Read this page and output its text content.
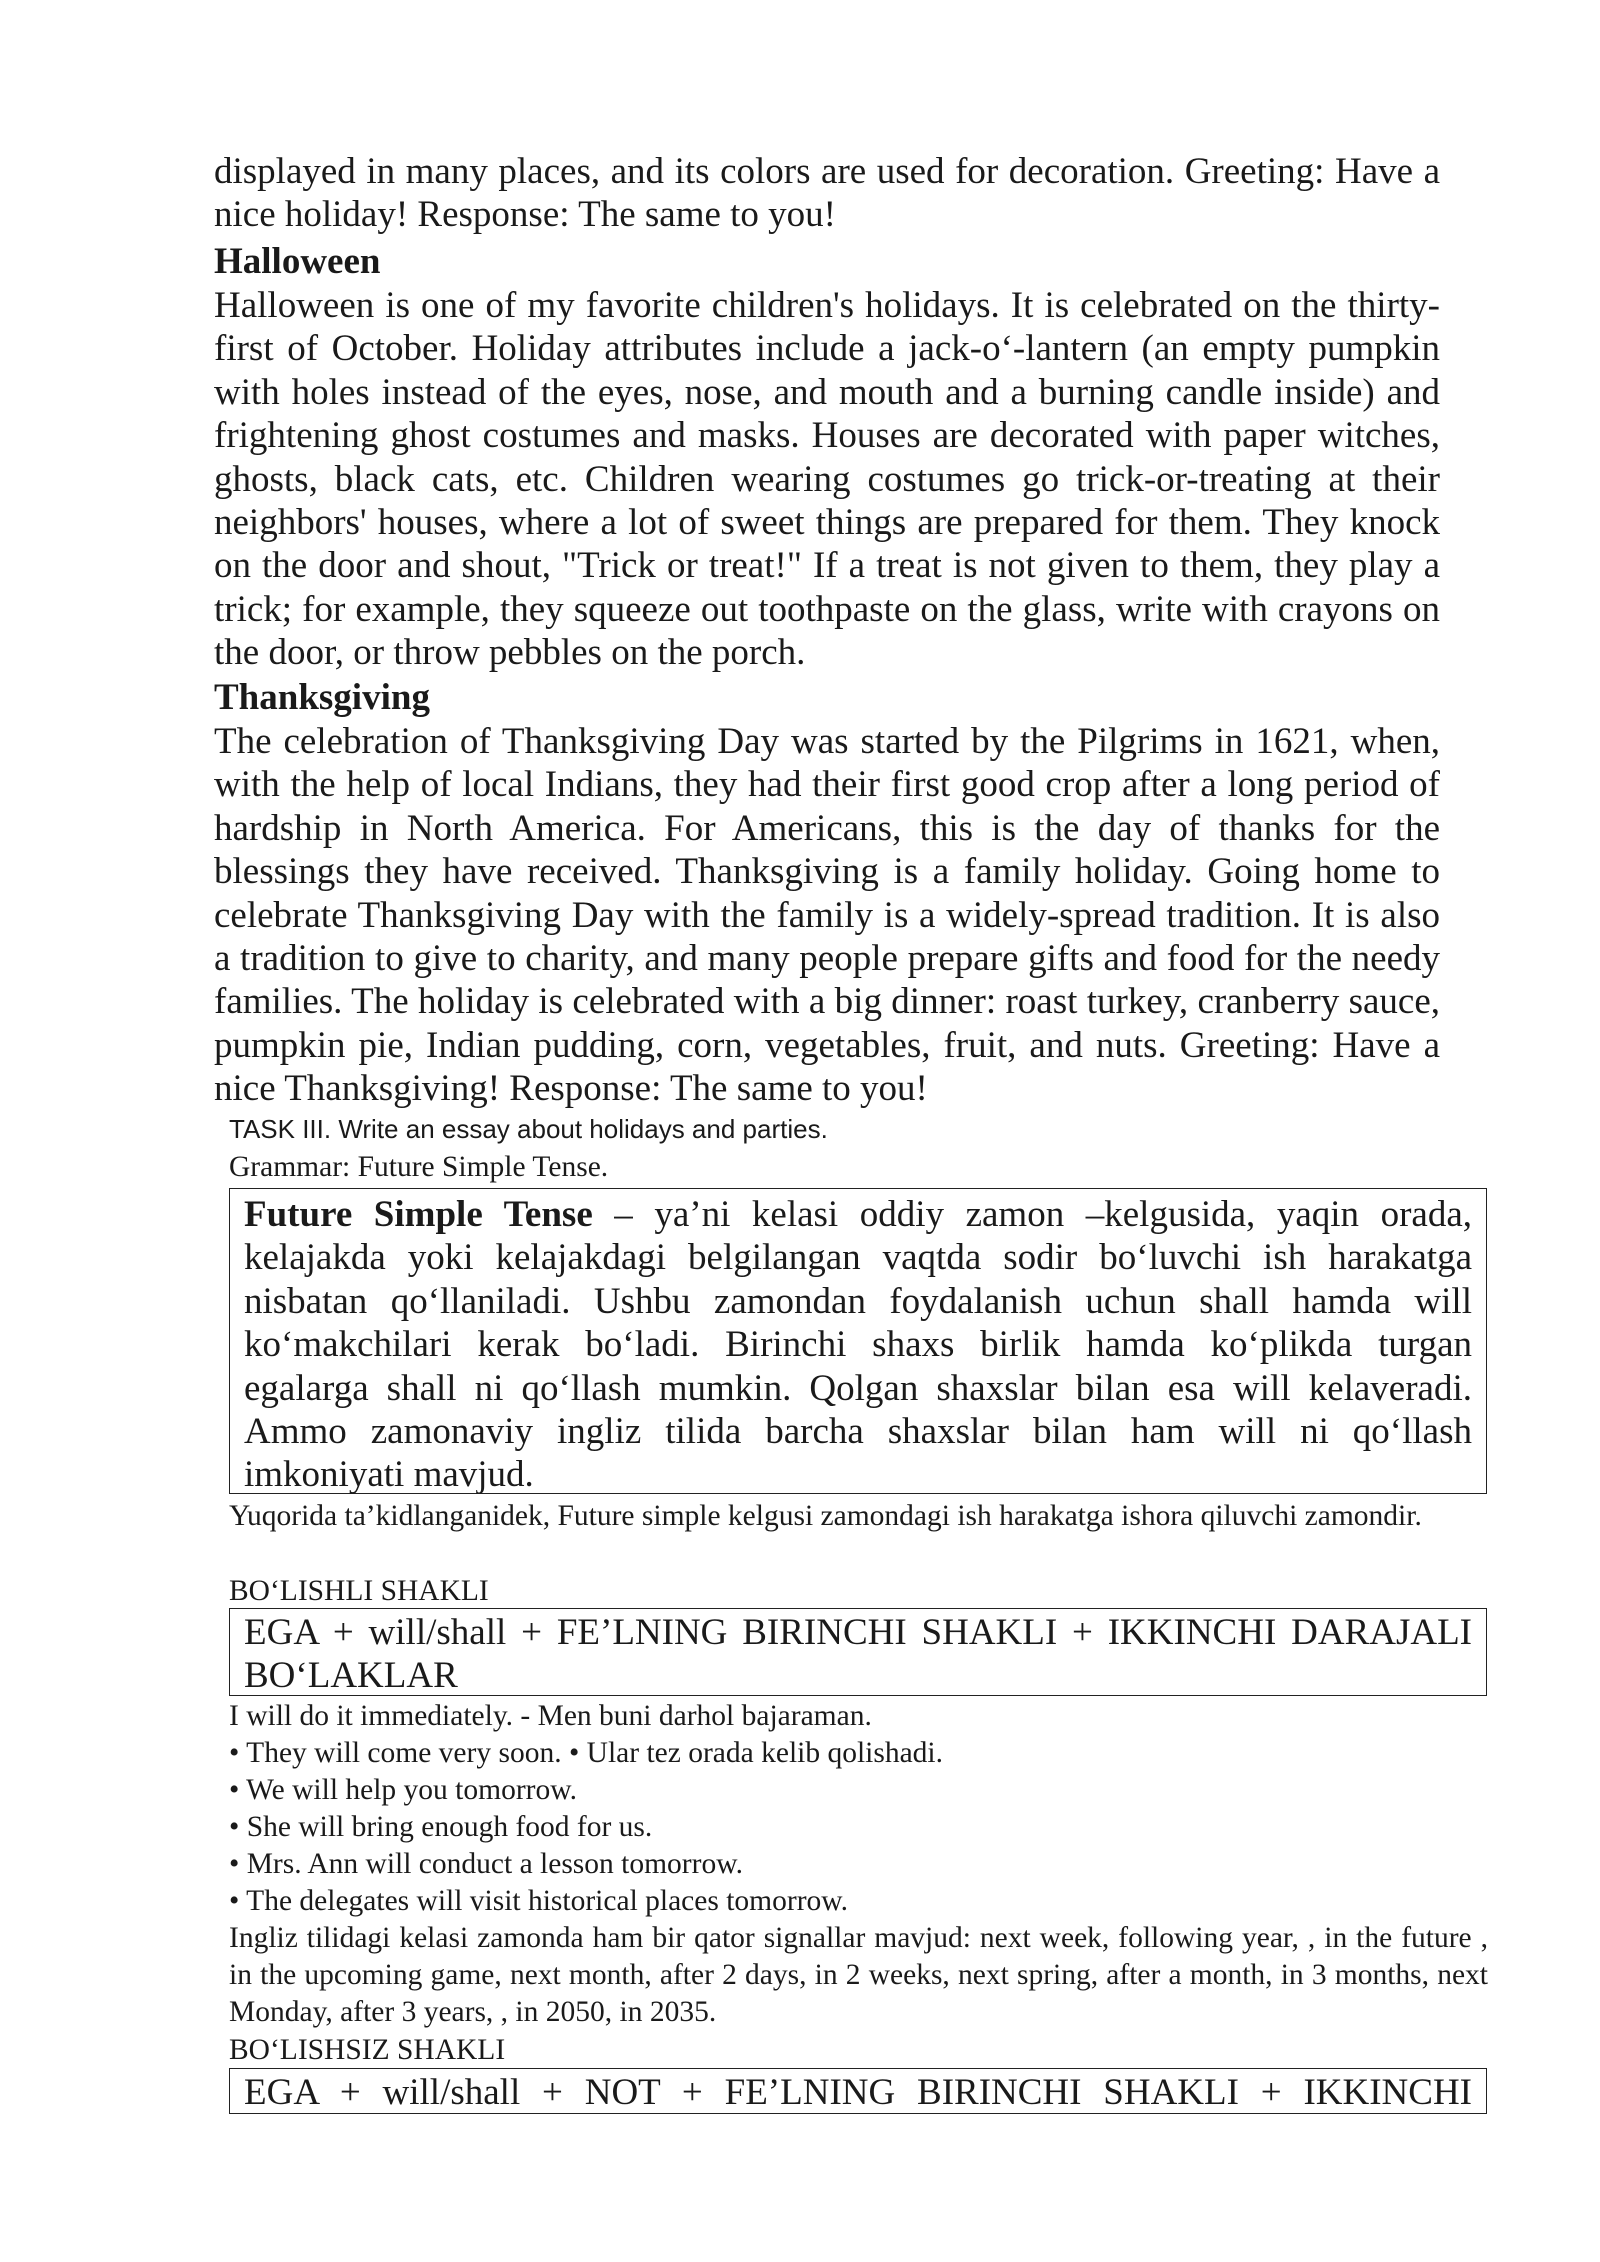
displayed in many places, and its colors are used for decoration. Greeting: Have a nice holiday! Response: The same to you!

Halloween

Halloween is one of my favorite children's holidays. It is celebrated on the thirty-first of October. Holiday attributes include a jack-o‘-lantern (an empty pumpkin with holes instead of the eyes, nose, and mouth and a burning candle inside) and frightening ghost costumes and masks. Houses are decorated with paper witches, ghosts, black cats, etc. Children wearing costumes go trick-or-treating at their neighbors' houses, where a lot of sweet things are prepared for them. They knock on the door and shout, "Trick or treat!" If a treat is not given to them, they play a trick; for example, they squeeze out toothpaste on the glass, write with crayons on the door, or throw pebbles on the porch.

Thanksgiving

The celebration of Thanksgiving Day was started by the Pilgrims in 1621, when, with the help of local Indians, they had their first good crop after a long period of hardship in North America. For Americans, this is the day of thanks for the blessings they have received. Thanksgiving is a family holiday. Going home to celebrate Thanksgiving Day with the family is a widely-spread tradition. It is also a tradition to give to charity, and many people prepare gifts and food for the needy families. The holiday is celebrated with a big dinner: roast turkey, cranberry sauce, pumpkin pie, Indian pudding, corn, vegetables, fruit, and nuts. Greeting: Have a nice Thanksgiving! Response: The same to you!

TASK III. Write an essay about holidays and parties.

Grammar: Future Simple Tense.

Future Simple Tense – ya’ni kelasi oddiy zamon –kelgusida, yaqin orada, kelajakda yoki kelajakdagi belgilangan vaqtda sodir bo‘luvchi ish harakatga nisbatan qo‘llaniladi. Ushbu zamondan foydalanish uchun shall hamda will ko‘makchilari kerak bo‘ladi. Birinchi shaxs birlik hamda ko‘plikda turgan egalarga shall ni qo‘llash mumkin. Qolgan shaxslar bilan esa will kelaveradi. Ammo zamonaviy ingliz tilida barcha shaxslar bilan ham will ni qo‘llash imkoniyati mavjud.

Yuqorida ta’kidlanganidek, Future simple kelgusi zamondagi ish harakatga ishora qiluvchi zamondir.

BO‘LISHLI SHAKLI

EGA + will/shall + FE’LNING BIRINCHI SHAKLI + IKKINCHI DARAJALI BO‘LAKLAR

I will do it immediately. - Men buni darhol bajaraman.

• They will come very soon. • Ular tez orada kelib qolishadi.

• We will help you tomorrow.

• She will bring enough food for us.

• Mrs. Ann will conduct a lesson tomorrow.

• The delegates will visit historical places tomorrow.

Ingliz tilidagi kelasi zamonda ham bir qator signallar mavjud: next week, following year, , in the future , in the upcoming game, next month, after 2 days, in 2 weeks, next spring, after a month, in 3 months, next Monday, after 3 years, , in 2050, in 2035.

BO‘LISHSIZ SHAKLI

EGA + will/shall + NOT + FE’LNING BIRINCHI SHAKLI + IKKINCHI
